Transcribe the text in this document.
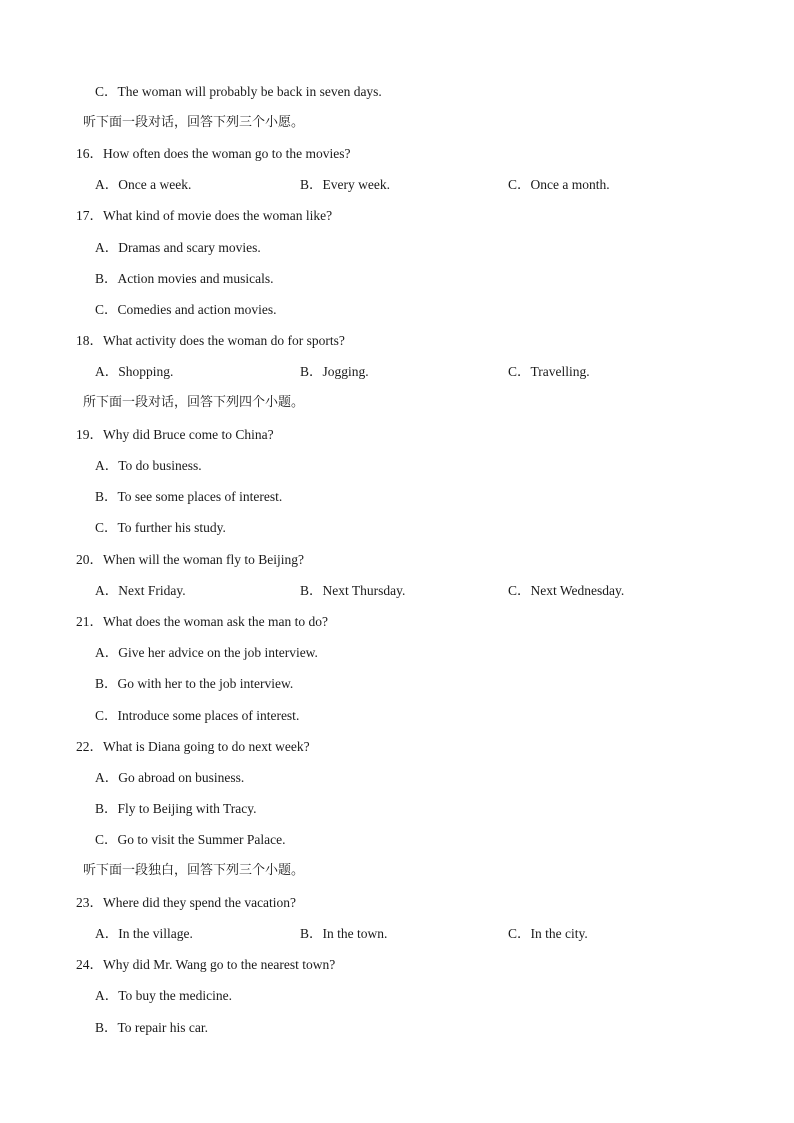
C．The woman will probably be back in seven days.
听下面一段对话，回答下列三个小愿。
16．How often does the woman go to the movies?
A．Once a week.	B．Every week.	C．Once a month.
17．What kind of movie does the woman like?
A．Dramas and scary movies.
B．Action movies and musicals.
C．Comedies and action movies.
18．What activity does the woman do for sports?
A．Shopping.	B．Jogging.	C．Travelling.
所下面一段对话，回答下列四个小题。
19．Why did Bruce come to China?
A．To do business.
B．To see some places of interest.
C．To further his study.
20．When will the woman fly to Beijing?
A．Next Friday.	B．Next Thursday.	C．Next Wednesday.
21．What does the woman ask the man to do?
A．Give her advice on the job interview.
B．Go with her to the job interview.
C．Introduce some places of interest.
22．What is Diana going to do next week?
A．Go abroad on business.
B．Fly to Beijing with Tracy.
C．Go to visit the Summer Palace.
听下面一段独白，回答下列三个小题。
23．Where did they spend the vacation?
A．In the village.	B．In the town.	C．In the city.
24．Why did Mr. Wang go to the nearest town?
A．To buy the medicine.
B．To repair his car.
